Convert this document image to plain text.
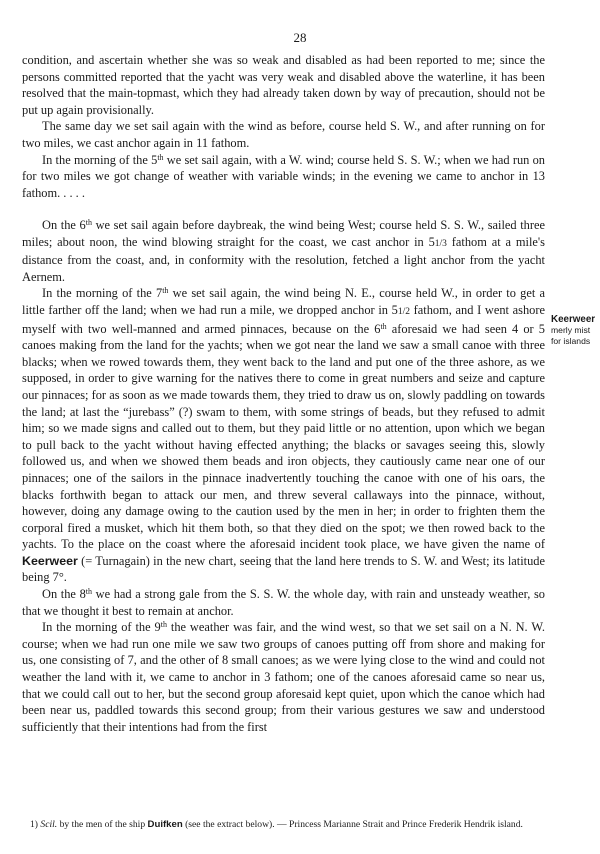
28

condition, and ascertain whether she was so weak and disabled as had been reported to me; since the persons committed reported that the yacht was very weak and disabled above the waterline, it has been resolved that the main-topmast, which they had already taken down by way of precaution, should not be put up again provisionally.

The same day we set sail again with the wind as before, course held S. W., and after running on for two miles, we cast anchor again in 11 fathom.

In the morning of the 5th we set sail again, with a W. wind; course held S. S. W.; when we had run on for two miles we got change of weather with variable winds; in the evening we came to anchor in 13 fathom. . . . .

On the 6th we set sail again before daybreak, the wind being West; course held S. S. W., sailed three miles; about noon, the wind blowing straight for the coast, we cast anchor in 51/3 fathom at a mile's distance from the coast, and, in conformity with the resolution, fetched a light anchor from the yacht Aernem.

In the morning of the 7th we set sail again, the wind being N. E., course held W., in order to get a little farther off the land; when we had run a mile, we dropped anchor in 51/2 fathom, and I went ashore myself with two well-manned and armed pinnaces, because on the 6th aforesaid we had seen 4 or 5 canoes making from the land for the yachts; when we got near the land we saw a small canoe with three blacks; when we rowed towards them, they went back to the land and put one of the three ashore, as we supposed, in order to give warning for the natives there to come in great numbers and seize and capture our pinnaces; for as soon as we made towards them, they tried to draw us on, slowly paddling on towards the land; at last the “jurebass” (?) swam to them, with some strings of beads, but they refused to admit him; so we made signs and called out to them, but they paid little or no attention, upon which we began to pull back to the yacht without having effected anything; the blacks or savages seeing this, slowly followed us, and when we showed them beads and iron objects, they cautiously came near one of our pinnaces; one of the sailors in the pinnace inadvertently touching the canoe with one of his oars, the blacks forthwith began to attack our men, and threw several callaways into the pinnace, without, however, doing any damage owing to the caution used by the men in her; in order to frighten them the corporal fired a musket, which hit them both, so that they died on the spot; we then rowed back to the yachts. To the place on the coast where the aforesaid incident took place, we have given the name of Keerweer (= Turnagain) in the new chart, seeing that the land here trends to S. W. and West; its latitude being 7°.

On the 8th we had a strong gale from the S. S. W. the whole day, with rain and unsteady weather, so that we thought it best to remain at anchor.

In the morning of the 9th the weather was fair, and the wind west, so that we set sail on a N. N. W. course; when we had run one mile we saw two groups of canoes putting off from shore and making for us, one consisting of 7, and the other of 8 small canoes; as we were lying close to the wind and could not weather the land with it, we came to anchor in 3 fathom; one of the canoes aforesaid came so near us, that we could call out to her, but the second group aforesaid kept quiet, upon which the canoe which had been near us, paddled towards this second group; from their various gestures we saw and understood sufficiently that their intentions had from the first

Keerweer
merly mist
for islands
1) Scil. by the men of the ship Duifken (see the extract below). — Princess Marianne Strait and Prince Frederik Hendrik island.
